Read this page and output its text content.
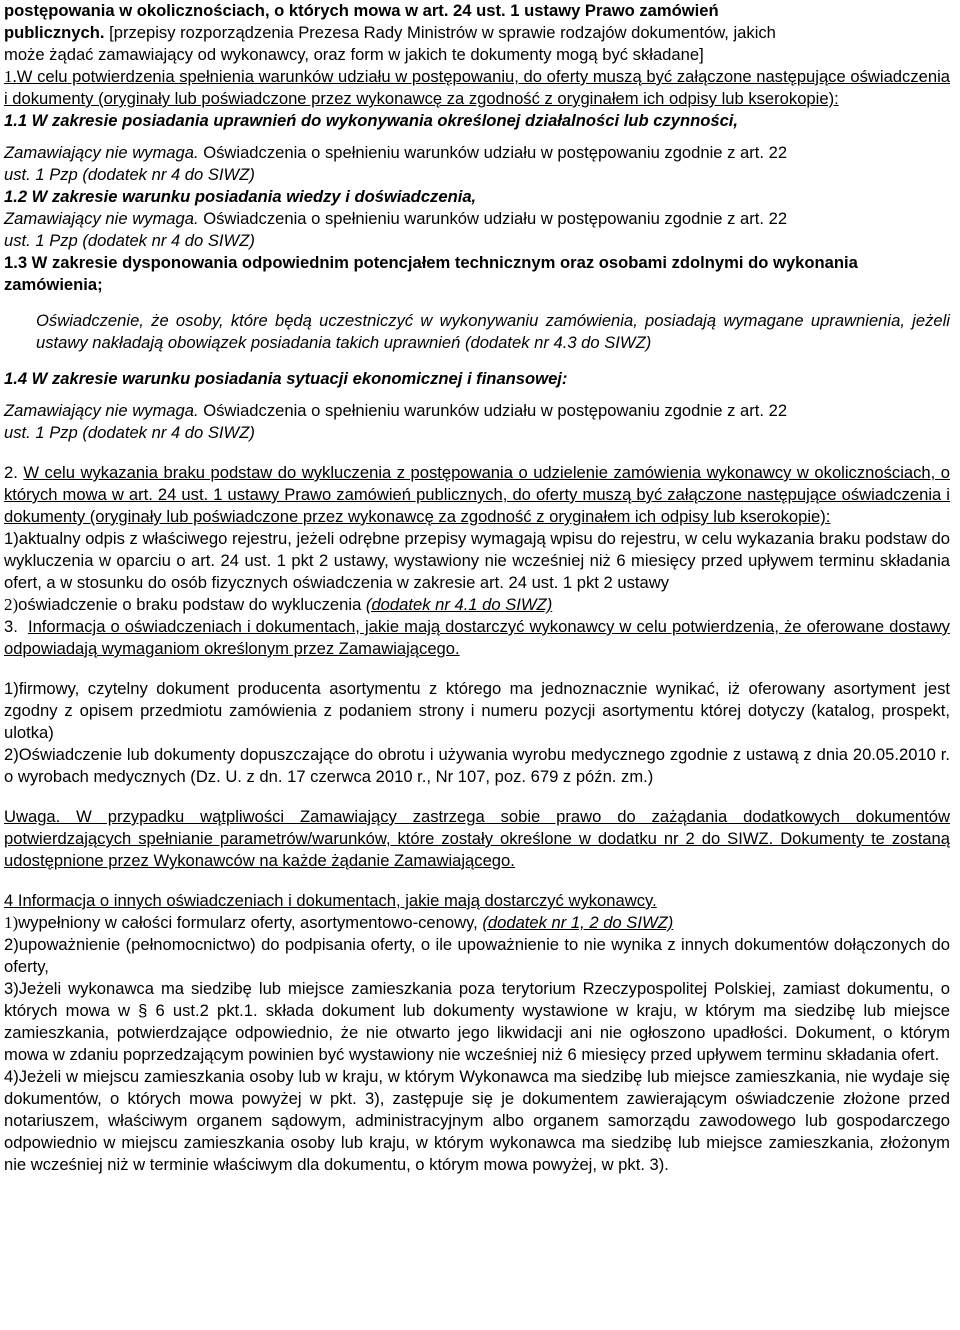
postępowania w okolicznościach, o których mowa w art. 24 ust. 1 ustawy Prawo zamówień

publicznych. [przepisy rozporządzenia Prezesa Rady Ministrów w sprawie rodzajów dokumentów, jakich

może żądać zamawiający od wykonawcy, oraz form w jakich te dokumenty mogą być składane]

1.W celu potwierdzenia spełnienia warunków udziału w postępowaniu, do oferty muszą być załączone następujące oświadczenia i dokumenty (oryginały lub poświadczone przez wykonawcę za zgodność z oryginałem ich odpisy lub kserokopie):

1.1 W zakresie posiadania uprawnień do wykonywania określonej działalności lub czynności,

Zamawiający nie wymaga. Oświadczenia o spełnieniu warunków udziału w postępowaniu zgodnie z art. 22
ust. 1 Pzp (dodatek nr 4 do SIWZ)

1.2 W zakresie warunku posiadania wiedzy i doświadczenia,

Zamawiający nie wymaga. Oświadczenia o spełnieniu warunków udziału w postępowaniu zgodnie z art. 22
ust. 1 Pzp (dodatek nr 4 do SIWZ)

1.3 W zakresie dysponowania odpowiednim potencjałem technicznym oraz osobami zdolnymi do wykonania zamówienia;

Oświadczenie, że osoby, które będą uczestniczyć w wykonywaniu zamówienia, posiadają wymagane uprawnienia, jeżeli ustawy nakładają obowiązek posiadania takich uprawnień (dodatek nr 4.3 do SIWZ)

1.4 W zakresie warunku posiadania sytuacji ekonomicznej i finansowej:

Zamawiający nie wymaga. Oświadczenia o spełnieniu warunków udziału w postępowaniu zgodnie z art. 22
ust. 1 Pzp (dodatek nr 4 do SIWZ)

2. W celu wykazania braku podstaw do wykluczenia z postępowania o udzielenie zamówienia wykonawcy w okolicznościach, o których mowa w art. 24 ust. 1 ustawy Prawo zamówień publicznych, do oferty muszą być załączone następujące oświadczenia i dokumenty (oryginały lub poświadczone przez wykonawcę za zgodność z oryginałem ich odpisy lub kserokopie):

1)aktualny odpis z właściwego rejestru, jeżeli odrębne przepisy wymagają wpisu do rejestru, w celu wykazania braku podstaw do wykluczenia w oparciu o art. 24 ust. 1 pkt 2 ustawy, wystawiony nie wcześniej niż 6 miesięcy przed upływem terminu składania ofert, a w stosunku do osób fizycznych oświadczenia w zakresie art. 24 ust. 1 pkt 2 ustawy

2)oświadczenie o braku podstaw do wykluczenia (dodatek nr 4.1 do SIWZ)

3. Informacja o oświadczeniach i dokumentach, jakie mają dostarczyć wykonawcy w celu potwierdzenia, że oferowane dostawy odpowiadają wymaganiom określonym przez Zamawiającego.

1)firmowy, czytelny dokument producenta asortymentu z którego ma jednoznacznie wynikać, iż oferowany asortyment jest zgodny z opisem przedmiotu zamówienia z podaniem strony i numeru pozycji asortymentu której dotyczy (katalog, prospekt, ulotka)

2)Oświadczenie lub dokumenty dopuszczające do obrotu i używania wyrobu medycznego zgodnie z ustawą z dnia 20.05.2010 r. o wyrobach medycznych (Dz. U. z dn. 17 czerwca 2010 r., Nr 107, poz. 679 z późn. zm.)

Uwaga. W przypadku wątpliwości Zamawiający zastrzega sobie prawo do zażądania dodatkowych dokumentów potwierdzających spełnianie parametrów/warunków, które zostały określone w dodatku nr 2 do SIWZ. Dokumenty te zostaną udostępnione przez Wykonawców na każde żądanie Zamawiającego.

4 Informacja o innych oświadczeniach i dokumentach, jakie mają dostarczyć wykonawcy.

1)wypełniony w całości formularz oferty, asortymentowo-cenowy, (dodatek nr 1, 2 do SIWZ)

2)upoważnienie (pełnomocnictwo) do podpisania oferty, o ile upoważnienie to nie wynika z innych dokumentów dołączonych do oferty,

3)Jeżeli wykonawca ma siedzibę lub miejsce zamieszkania poza terytorium Rzeczypospolitej Polskiej, zamiast dokumentu, o których mowa w § 6 ust.2 pkt.1. składa dokument lub dokumenty wystawione w kraju, w którym ma siedzibę lub miejsce zamieszkania, potwierdzające odpowiednio, że nie otwarto jego likwidacji ani nie ogłoszono upadłości. Dokument, o którym mowa w zdaniu poprzedzającym powinien być wystawiony nie wcześniej niż 6 miesięcy przed upływem terminu składania ofert.

4)Jeżeli w miejscu zamieszkania osoby lub w kraju, w którym Wykonawca ma siedzibę lub miejsce zamieszkania, nie wydaje się dokumentów, o których mowa powyżej w pkt. 3), zastępuje się je dokumentem zawierającym oświadczenie złożone przed notariuszem, właściwym organem sądowym, administracyjnym albo organem samorządu zawodowego lub gospodarczego odpowiednio w miejscu zamieszkania osoby lub kraju, w którym wykonawca ma siedzibę lub miejsce zamieszkania, złożonym nie wcześniej niż w terminie właściwym dla dokumentu, o którym mowa powyżej, w pkt. 3).
